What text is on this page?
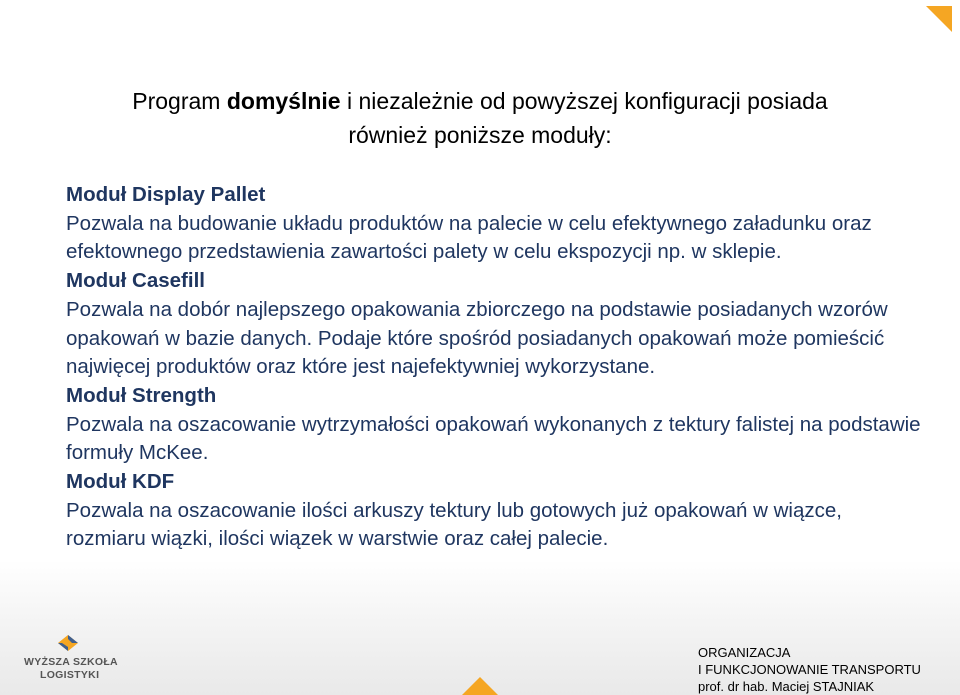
Program domyślnie i niezależnie od powyższej konfiguracji posiada
również poniższe moduły:
Moduł Display Pallet
Pozwala na budowanie układu produktów na palecie w celu efektywnego załadunku oraz efektownego przedstawienia zawartości palety w celu ekspozycji np. w sklepie.
Moduł Casefill
Pozwala na dobór najlepszego opakowania zbiorczego na podstawie posiadanych wzorów opakowań w bazie danych. Podaje które spośród posiadanych opakowań może pomieścić najwięcej produktów oraz które jest najefektywniej wykorzystane.
Moduł Strength
Pozwala na oszacowanie wytrzymałości opakowań wykonanych z tektury falistej na podstawie formuły McKee.
Moduł KDF
Pozwala na oszacowanie ilości arkuszy tektury lub gotowych już opakowań w wiązce, rozmiaru wiązki, ilości wiązek w warstwie oraz całej palecie.
WYŻSZA SZKOŁA
LOGISTYKI
ORGANIZACJA
I FUNKCJONOWANIE TRANSPORTU
prof. dr hab. Maciej STAJNIAK
